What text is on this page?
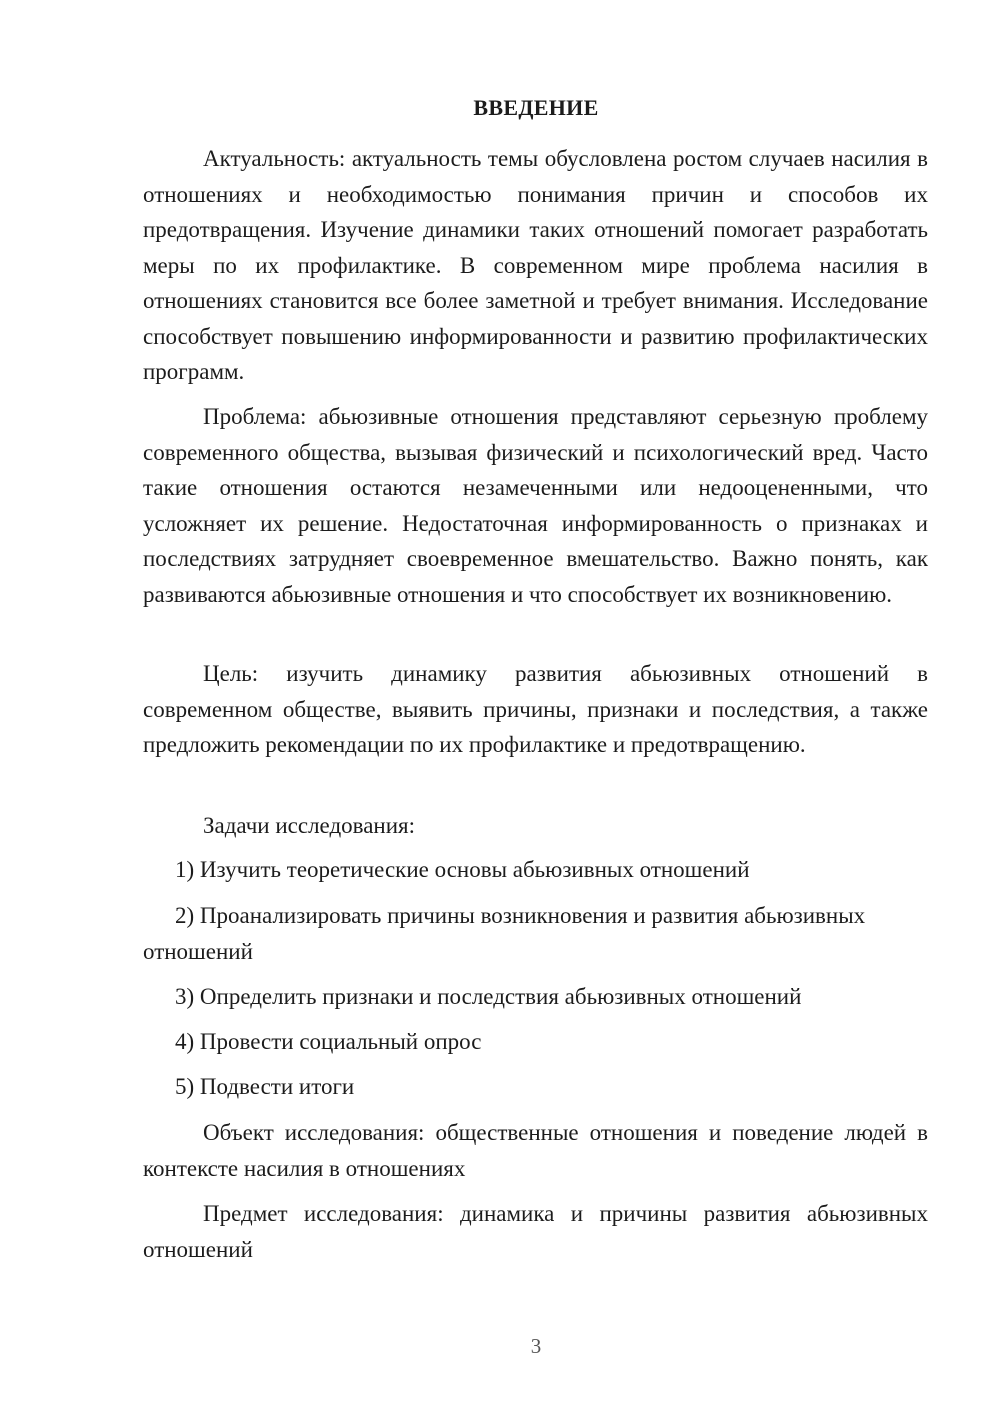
ВВЕДЕНИЕ

Актуальность: актуальность темы обусловлена ростом случаев насилия в отношениях и необходимостью понимания причин и способов их предотвращения. Изучение динамики таких отношений помогает разработать меры по их профилактике. В современном мире проблема насилия в отношениях становится все более заметной и требует внимания. Исследование способствует повышению информированности и развитию профилактических программ.

Проблема: абьюзивные отношения представляют серьезную проблему современного общества, вызывая физический и психологический вред. Часто такие отношения остаются незамеченными или недооцененными, что усложняет их решение. Недостаточная информированность о признаках и последствиях затрудняет своевременное вмешательство. Важно понять, как развиваются абьюзивные отношения и что способствует их возникновению.

Цель: изучить динамику развития абьюзивных отношений в современном обществе, выявить причины, признаки и последствия, а также предложить рекомендации по их профилактике и предотвращению.

Задачи исследования:

1) Изучить теоретические основы абьюзивных отношений

2) Проанализировать причины возникновения и развития абьюзивных отношений

3) Определить признаки и последствия абьюзивных отношений

4) Провести социальный опрос

5) Подвести итоги

Объект исследования: общественные отношения и поведение людей в контексте насилия в отношениях

Предмет исследования: динамика и причины развития абьюзивных отношений

3
